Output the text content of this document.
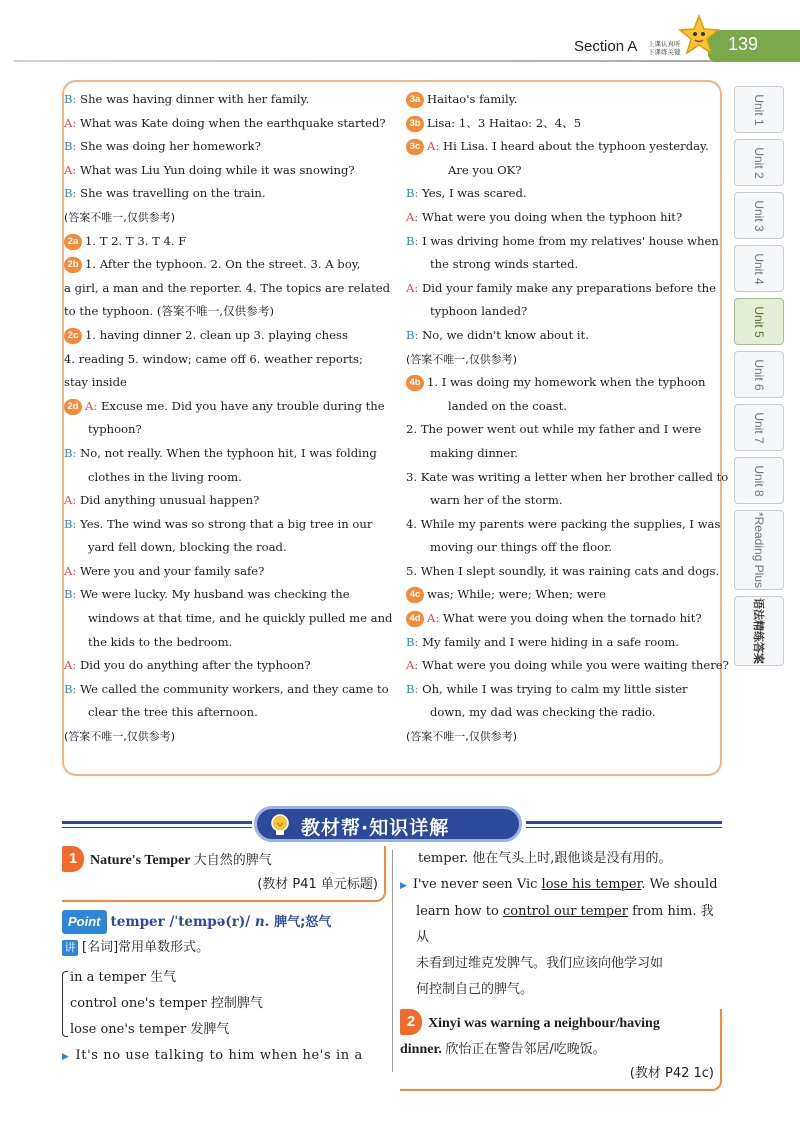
Section A 上课认真听
下课练关键	139
Unit 1
Unit 2
Unit 3
Unit 4
Unit 5
Unit 6
Unit 7
Unit 8
*Reading Plus
语法精练答案
B: She was having dinner with her family.
A: What was Kate doing when the earthquake started?
B: She was doing her homework?
A: What was Liu Yun doing while it was snowing?
B: She was travelling on the train.
(答案不唯一,仅供参考)
2a 1. T 2. T 3. T 4. F
2b 1. After the typhoon. 2. On the street. 3. A boy,
a girl, a man and the reporter. 4. The topics are related
to the typhoon. (答案不唯一,仅供参考)
2c 1. having dinner 2. clean up 3. playing chess
4. reading 5. window; came off 6. weather reports;
stay inside
2d A: Excuse me. Did you have any trouble during the
typhoon?
B: No, not really. When the typhoon hit, I was folding
clothes in the living room.
A: Did anything unusual happen?
B: Yes. The wind was so strong that a big tree in our
yard fell down, blocking the road.
A: Were you and your family safe?
B: We were lucky. My husband was checking the
windows at that time, and he quickly pulled me and
the kids to the bedroom.
A: Did you do anything after the typhoon?
B: We called the community workers, and they came to
clear the tree this afternoon.
(答案不唯一,仅供参考)
3a Haitao's family.
3b Lisa: 1、3 Haitao: 2、4、5
3c A: Hi Lisa. I heard about the typhoon yesterday.
Are you OK?
B: Yes, I was scared.
A: What were you doing when the typhoon hit?
B: I was driving home from my relatives' house when
the strong winds started.
A: Did your family make any preparations before the
typhoon landed?
B: No, we didn't know about it.
(答案不唯一,仅供参考)
4b 1. I was doing my homework when the typhoon
landed on the coast.
2. The power went out while my father and I were
making dinner.
3. Kate was writing a letter when her brother called to
warn her of the storm.
4. While my parents were packing the supplies, I was
moving our things off the floor.
5. When I slept soundly, it was raining cats and dogs.
4c was; While; were; When; were
4d A: What were you doing when the tornado hit?
B: My family and I were hiding in a safe room.
A: What were you doing while you were waiting there?
B: Oh, while I was trying to calm my little sister
down, my dad was checking the radio.
(答案不唯一,仅供参考)
教材帮·知识详解
1 Nature's Temper 大自然的脾气
(教材 P41 单元标题)
Point temper /ˈtempə(r)/ n. 脾气;怒气
讲 [名词]常用单数形式。
in a temper 生气
control one's temper 控制脾气
lose one's temper 发脾气
▶ It's no use talking to him when he's in a
temper. 他在气头上时,跟他谈是没有用的。
▶ I've never seen Vic lose his temper. We should
learn how to control our temper from him. 我从
未看到过维克发脾气。我们应该向他学习如
何控制自己的脾气。
2 Xinyi was warning a neighbour/having
dinner. 欣怡正在警告邻居/吃晚饭。
(教材 P42 1c)
